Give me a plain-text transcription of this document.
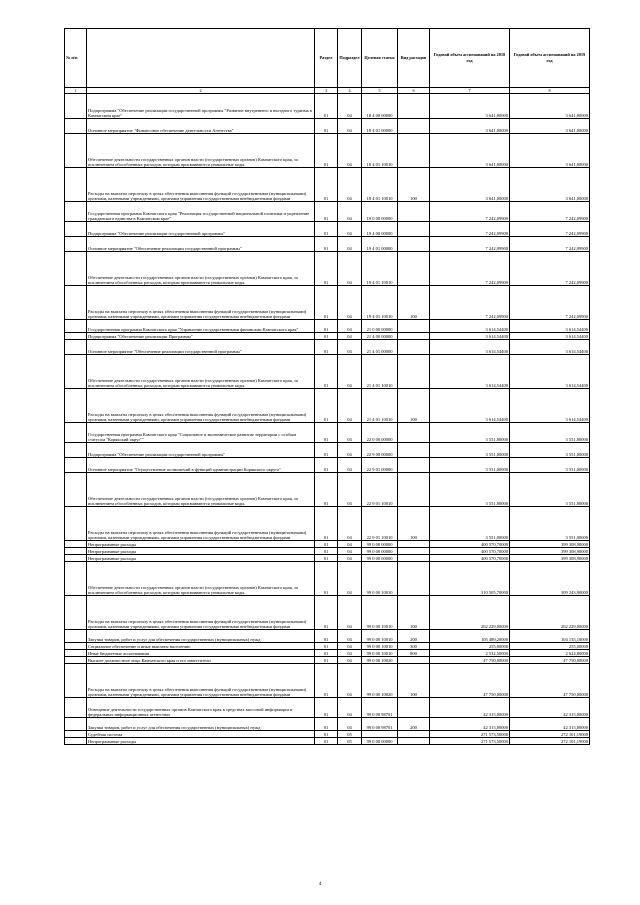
№ п/п		Раздел	Подраздел	Целевая статья	Вид расходов	Годовой объем ассигнований на 2018 год	Годовой объем ассигнований на 2019 год
1	2	3	4	5	6	7	8
	Подпрограмма "Обеспечение реализации государственной программы "Развитие внутреннего и въездного туризма в Камчатском крае"	01	04	18 4 00 00000		3 641,00000	3 641,00000
	Основное мероприятие "Финансовое обеспечение деятельности Агентства"	01	04	18 4 01 00000		3 641,00000	3 641,00000
	Обеспечение деятельности государственных органов власти (государственных органов) Камчатского края, за исключением обособленных расходов, которым присваиваются уникальные коды.	01	04	18 4 01 10010		3 641,00000	3 641,00000
	Расходы на выплаты персоналу в целях обеспечения выполнения функций государственными (муниципальными) органами, казенными учреждениями, органами управления государственными внебюджетными фондами	01	04	18 4 01 10010	100	3 641,00000	3 641,00000
	Государственная программа Камчатского края "Реализация государственной национальной политики и укрепление гражданского единства в Камчатском крае"	01	04	19 0 00 00000		7 242,09900	7 242,09900
	Подпрограмма "Обеспечение реализации государственной программы"	01	04	19 4 00 00000		7 242,09900	7 242,09900
	Основное мероприятие "Обеспечение реализации государственной программы"	01	04	19 4 01 00000		7 242,09900	7 242,09900
	Обеспечение деятельности государственных органов власти (государственных органов) Камчатского края, за исключением обособленных расходов, которым присваиваются уникальные коды.	01	04	19 4 01 10010		7 242,09900	7 242,09900
	Расходы на выплаты персоналу в целях обеспечения выполнения функций государственными (муниципальными) органами, казенными учреждениями, органами управления государственными внебюджетными фондами	01	04	19 4 01 10010	100	7 242,09900	7 242,09900
	Государственная программа Камчатского края "Управление государственными финансами Камчатского края"	01	04	21 0 00 00000		3 614,54400	3 614,54400
	Подпрограмма "Обеспечение реализации Программы"	01	04	21 4 00 00000		3 614,54400	3 614,54400
	Основное мероприятие "Обеспечение реализации государственной программы"	01	04	21 4 01 00000		3 614,54400	3 614,54400
	Обеспечение деятельности государственных органов власти (государственных органов) Камчатского края, за исключением обособленных расходов, которым присваиваются уникальные коды.	01	04	21 4 01 10010		3 614,54400	3 614,54400
	Расходы на выплаты персоналу в целях обеспечения выполнения функций государственными (муниципальными) органами, казенными учреждениями, органами управления государственными внебюджетными фондами	01	04	21 4 01 10010	100	3 614,54400	3 614,54400
	Государственная программа Камчатского края "Социальное и экономическое развитие территории с особым статусом "Корякский округ""	01	04	22 0 00 00000		3 551,00000	3 551,00000
	Подпрограмма "Обеспечение реализации государственной программы"	01	04	22 9 00 00000		3 551,00000	3 551,00000
	Основное мероприятие "Осуществление полномочий в функций администрации Корякского округа"	01	04	22 9 01 00000		3 551,00000	3 551,00000
	Обеспечение деятельности государственных органов власти (государственных органов) Камчатского края, за исключением обособленных расходов, которым присваиваются уникальные коды.	01	04	22 9 01 10010		3 551,00000	3 551,00000
	Расходы на выплаты персоналу в целях обеспечения выполнения функций государственными (муниципальными) органами, казенными учреждениями, органами управления государственными внебюджетными фондами	01	04	22 9 01 10010	100	3 551,00000	3 551,00000
	Непрограммные расходы	01	04	99 0 00 00000		400 570,70000	399 308,90000
	Непрограммные расходы	01	04	99 0 00 00000		400 570,70000	399 308,90000
	Непрограммные расходы	01	04	99 0 00 00000		400 570,70000	399 308,90000
	Обеспечение деятельности государственных органов власти (государственных органов) Камчатского края, за исключением обособленных расходов, которым присваиваются уникальные коды.	01	04	99 0 00 10010		310 505,70000	309 243,90000
	Расходы на выплаты персоналу в целях обеспечения выполнения функций государственными (муниципальными) органами, казенными учреждениями, органами управления государственными внебюджетными фондами	01	04	99 0 00 10010	100	202 229,00000	202 229,00000
	Закупка товаров, работ и услуг для обеспечения государственных (муниципальных) нужд	01	04	99 0 00 10010	200	105 489,20000	104 135,10000
	Социальное обеспечение и иные выплаты населению	01	04	99 0 00 10010	300	255,00000	255,00000
	Иные бюджетные ассигнования	01	04	99 0 00 10010	800	2 532,50000	2 624,80000
	Высшее должностное лицо Камчатского края и его заместители	01	04	99 0 00 10020		47 750,00000	47 750,00000
	Расходы на выплаты персоналу в целях обеспечения выполнения функций государственными (муниципальными) органами, казенными учреждениями, органами управления государственными внебюджетными фондами	01	04	99 0 00 10020	100	47 750,00000	47 750,00000
	Освещение деятельности государственных органов Камчатского края в средствах массовой информации и федеральных информационных агентствах	01	04	99 0 00 98701		42 315,00000	42 315,00000
	Закупка товаров, работ и услуг для обеспечения государственных (муниципальных) нужд	01	04	99 0 00 98701	200	42 315,00000	42 315,00000
	Судебная система	01	05			271 573,50000	272 101,19000
	Непрограммные расходы	01	05	99 0 00 00000		271 573,50000	272 101,19000
4
